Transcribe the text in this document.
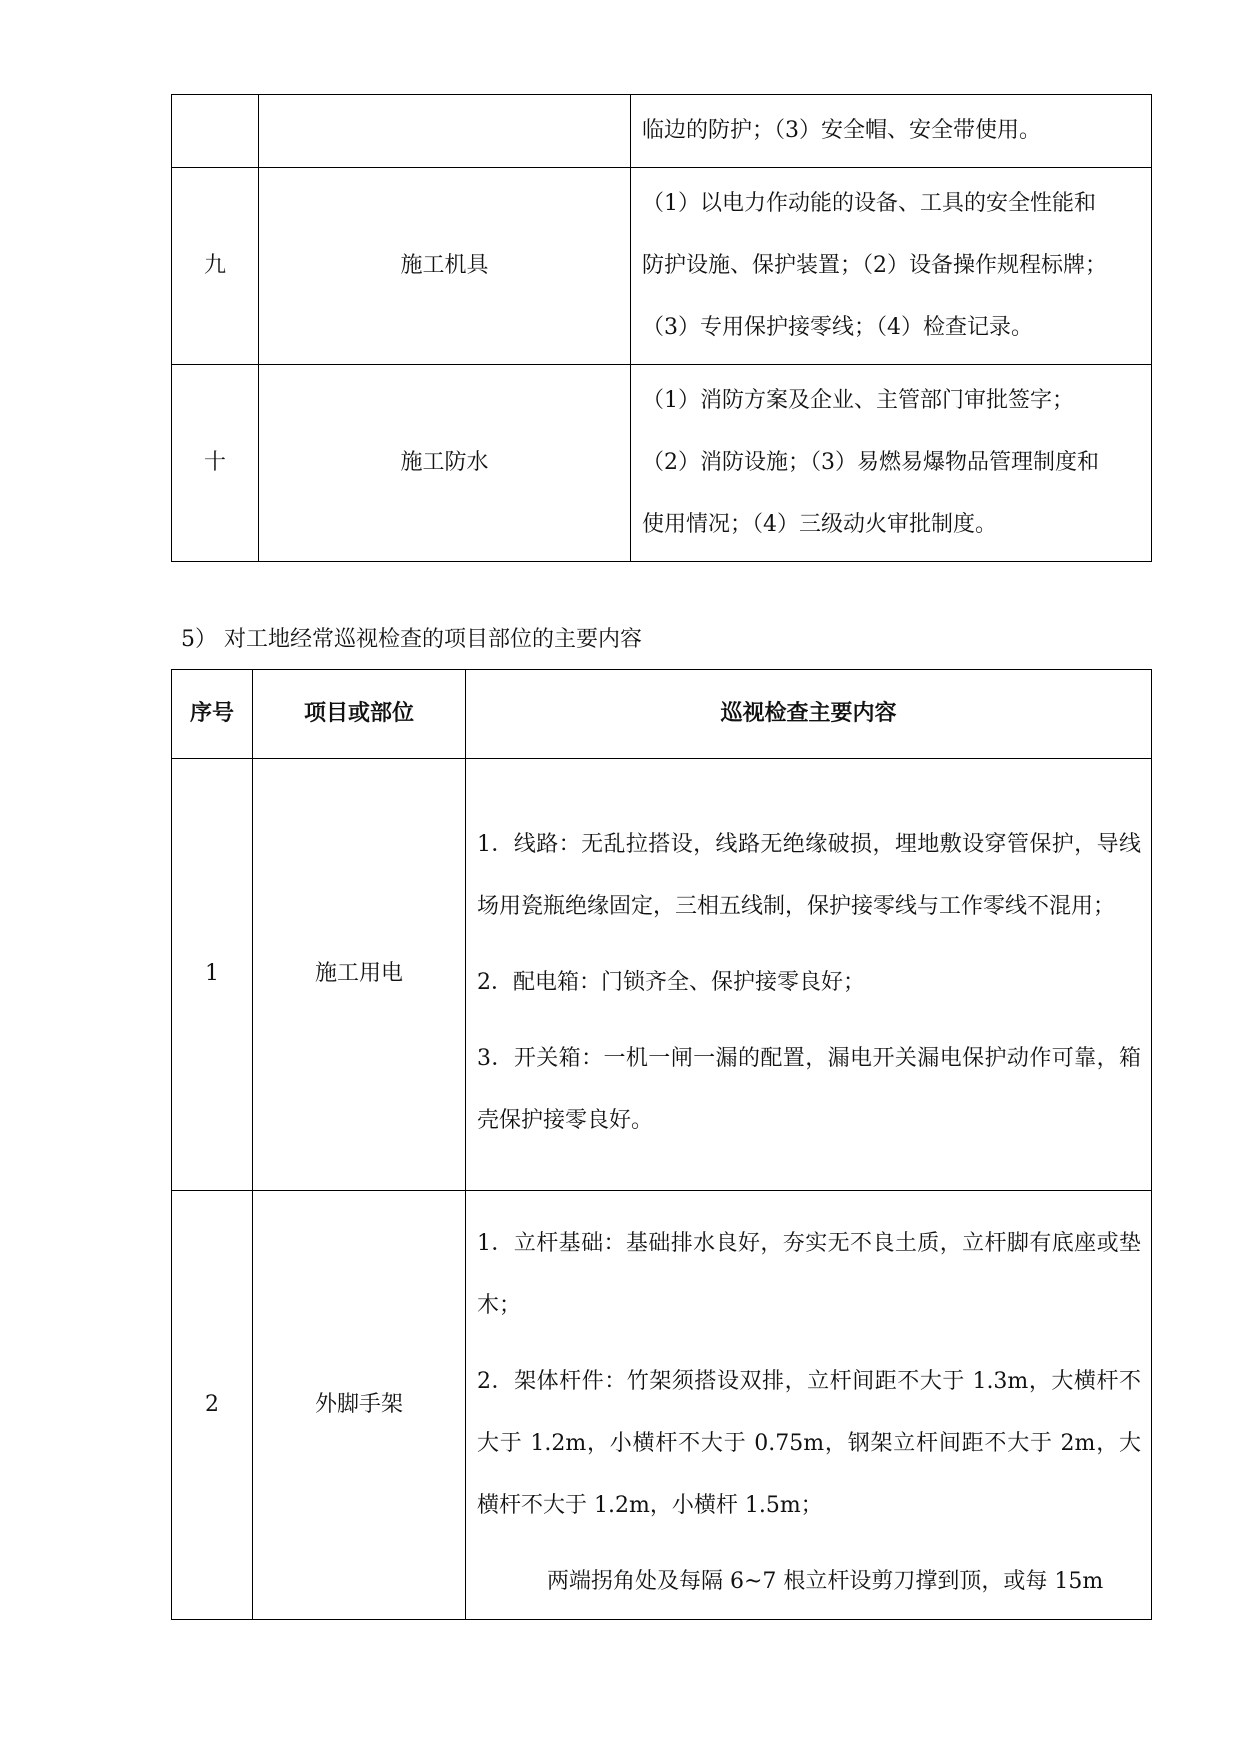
		临边的防护；（3）安全帽、安全带使用。

九	施工机具	（1）以电力作动能的设备、工具的安全性能和
防护设施、保护装置；（2）设备操作规程标牌；
（3）专用保护接零线；（4）检查记录。

十	施工防水	（1）消防方案及企业、主管部门审批签字；
（2）消防设施；（3）易燃易爆物品管理制度和
使用情况；（4）三级动火审批制度。
5） 对工地经常巡视检查的项目部位的主要内容
序号	项目或部位	巡视检查主要内容
1	施工用电	1．线路：无乱拉搭设，线路无绝缘破损，埋地敷设穿管保护，导线场用瓷瓶绝缘固定，三相五线制，保护接零线与工作零线不混用；

2．配电箱：门锁齐全、保护接零良好；

3．开关箱：一机一闸一漏的配置，漏电开关漏电保护动作可靠，箱壳保护接零良好。

2	外脚手架	1．立杆基础：基础排水良好，夯实无不良土质，立杆脚有底座或垫木；

2．架体杆件：竹架须搭设双排，立杆间距不大于 1.3m，大横杆不大于 1.2m，小横杆不大于 0.75m，钢架立杆间距不大于 2m，大横杆不大于 1.2m，小横杆 1.5m；

两端拐角处及每隔 6~7 根立杆设剪刀撑到顶，或每 15m
